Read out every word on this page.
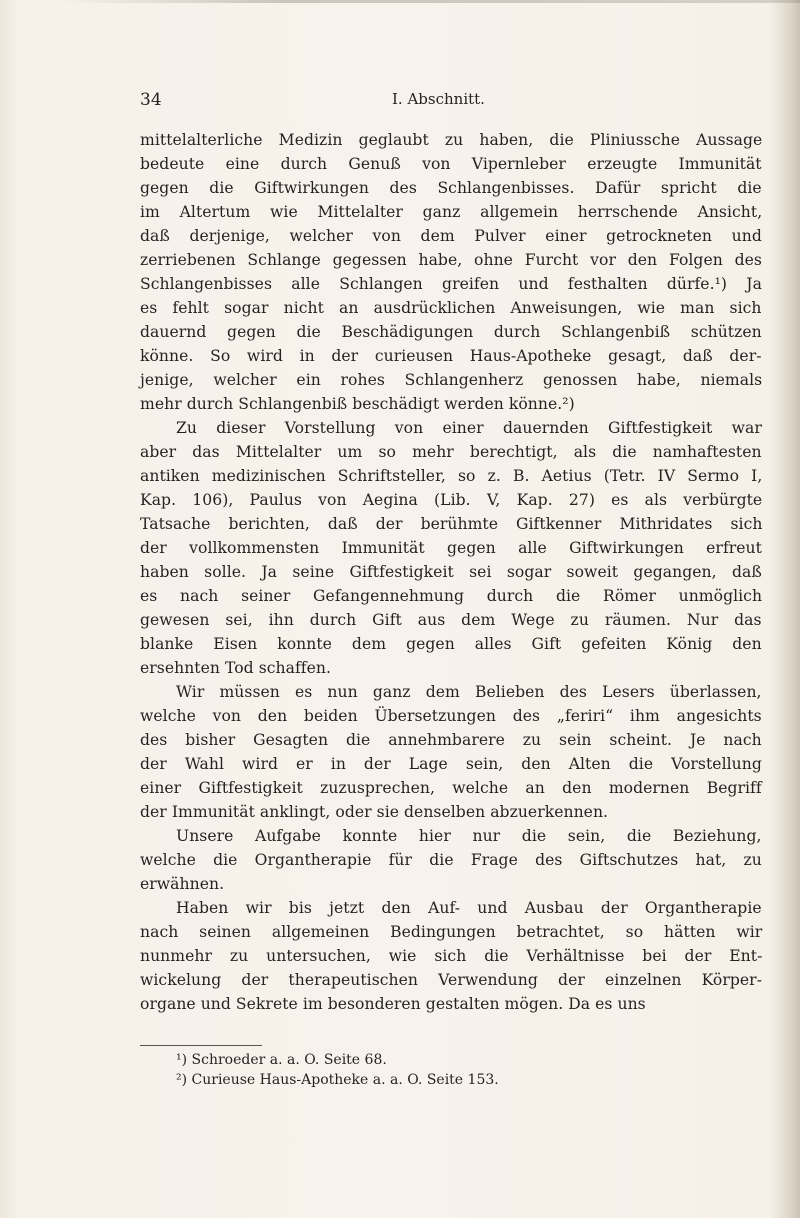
34	I. Abschnitt.
mittelalterliche Medizin geglaubt zu haben, die Pliniussche Aussage
bedeute eine durch Genuß von Vipernleber erzeugte Immunität
gegen die Giftwirkungen des Schlangenbisses. Dafür spricht die
im Altertum wie Mittelalter ganz allgemein herrschende Ansicht,
daß derjenige, welcher von dem Pulver einer getrockneten und
zerriebenen Schlange gegessen habe, ohne Furcht vor den Folgen des
Schlangenbisses alle Schlangen greifen und festhalten dürfe.¹) Ja
es fehlt sogar nicht an ausdrücklichen Anweisungen, wie man sich
dauernd gegen die Beschädigungen durch Schlangenbiß schützen
könne. So wird in der curieusen Haus-Apotheke gesagt, daß der-
jenige, welcher ein rohes Schlangenherz genossen habe, niemals
mehr durch Schlangenbiß beschädigt werden könne.²)
Zu dieser Vorstellung von einer dauernden Giftfestigkeit war
aber das Mittelalter um so mehr berechtigt, als die namhaftesten
antiken medizinischen Schriftsteller, so z. B. Aetius (Tetr. IV Sermo I,
Kap. 106), Paulus von Aegina (Lib. V, Kap. 27) es als verbürgte
Tatsache berichten, daß der berühmte Giftkenner Mithridates sich
der vollkommensten Immunität gegen alle Giftwirkungen erfreut
haben solle. Ja seine Giftfestigkeit sei sogar soweit gegangen, daß
es nach seiner Gefangennehmung durch die Römer unmöglich
gewesen sei, ihn durch Gift aus dem Wege zu räumen. Nur das
blanke Eisen konnte dem gegen alles Gift gefeiten König den
ersehnten Tod schaffen.
Wir müssen es nun ganz dem Belieben des Lesers überlassen,
welche von den beiden Übersetzungen des „feriri“ ihm angesichts
des bisher Gesagten die annehmbarere zu sein scheint. Je nach
der Wahl wird er in der Lage sein, den Alten die Vorstellung
einer Giftfestigkeit zuzusprechen, welche an den modernen Begriff
der Immunität anklingt, oder sie denselben abzuerkennen.
Unsere Aufgabe konnte hier nur die sein, die Beziehung,
welche die Organtherapie für die Frage des Giftschutzes hat, zu
erwähnen.
Haben wir bis jetzt den Auf- und Ausbau der Organtherapie
nach seinen allgemeinen Bedingungen betrachtet, so hätten wir
nunmehr zu untersuchen, wie sich die Verhältnisse bei der Ent-
wickelung der therapeutischen Verwendung der einzelnen Körper-
organe und Sekrete im besonderen gestalten mögen. Da es uns
¹) Schroeder a. a. O. Seite 68.
²) Curieuse Haus-Apotheke a. a. O. Seite 153.
